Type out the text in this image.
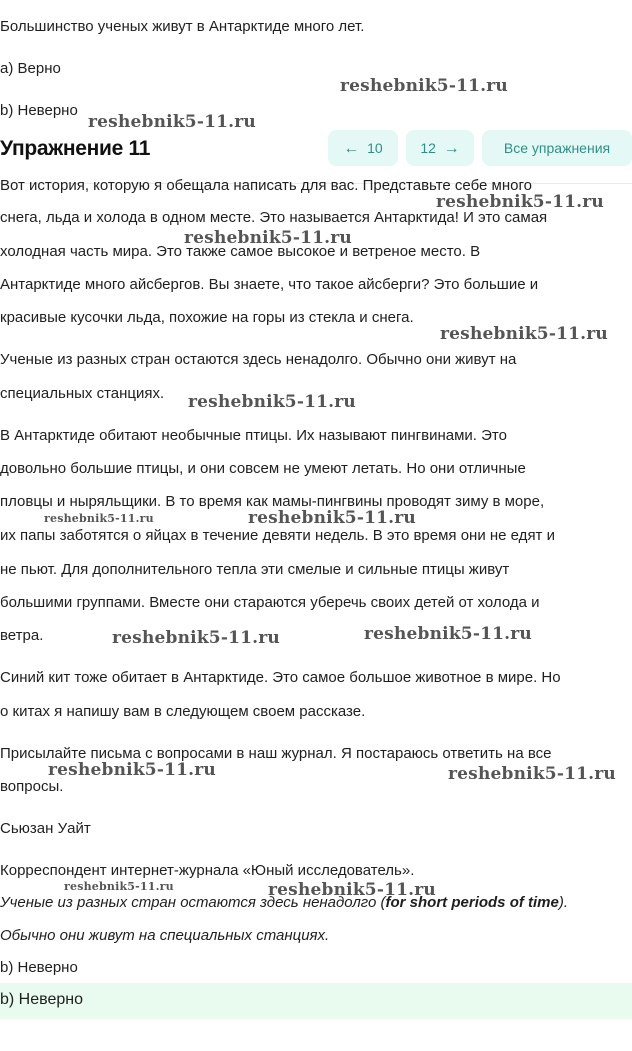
Большинство ученых живут в Антарктиде много лет.
a) Верно
b) Неверно
Упражнение 11	← 10	12 →	Все упражнения
Вот история, которую я обещала написать для вас. Представьте себе много
снега, льда и холода в одном месте. Это называется Антарктида! И это самая
холодная часть мира. Это также самое высокое и ветреное место. В
Антарктиде много айсбергов. Вы знаете, что такое айсберги? Это большие и
красивые кусочки льда, похожие на горы из стекла и снега.
Ученые из разных стран остаются здесь ненадолго. Обычно они живут на
специальных станциях.
В Антарктиде обитают необычные птицы. Их называют пингвинами. Это
довольно большие птицы, и они совсем не умеют летать. Но они отличные
пловцы и ныряльщики. В то время как мамы-пингвины проводят зиму в море,
их папы заботятся о яйцах в течение девяти недель. В это время они не едят и
не пьют. Для дополнительного тепла эти смелые и сильные птицы живут
большими группами. Вместе они стараются уберечь своих детей от холода и
ветра.
Синий кит тоже обитает в Антарктиде. Это самое большое животное в мире. Но
о китах я напишу вам в следующем своем рассказе.
Присылайте письма с вопросами в наш журнал. Я постараюсь ответить на все
вопросы.
Сьюзан Уайт
Корреспондент интернет-журнала «Юный исследователь».
Ученые из разных стран остаются здесь ненадолго (for short periods of time).
Обычно они живут на специальных станциях.
b) Неверно
b) Неверно
reshebnik5-11.ru
reshebnik5-11.ru
reshebnik5-11.ru
reshebnik5-11.ru
reshebnik5-11.ru
reshebnik5-11.ru
reshebnik5-11.ru	reshebnik5-11.ru
reshebnik5-11.ru	reshebnik5-11.ru
reshebnik5-11.ru	reshebnik5-11.ru
reshebnik5-11.ru	reshebnik5-11.ru
